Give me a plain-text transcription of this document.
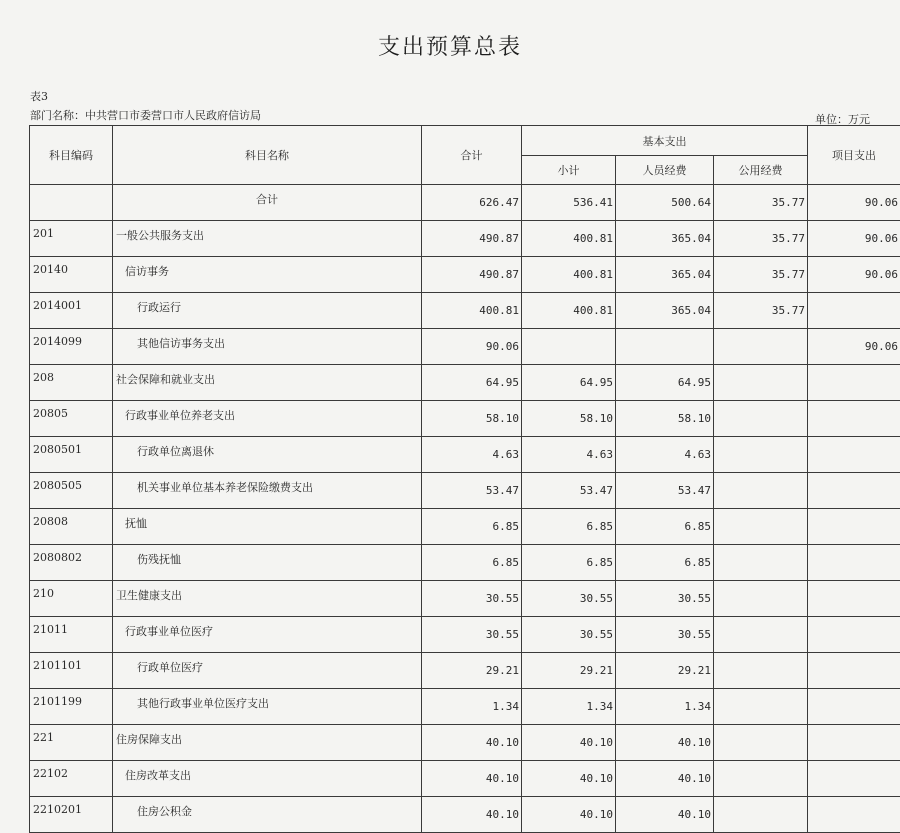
支出预算总表
表3
部门名称：中共营口市委营口市人民政府信访局	单位：万元
科目编码	科目名称	合计	基本支出			项目支出
			小计	人员经费	公用经费	
	合计	626.47	536.41	500.64	35.77	90.06
201	一般公共服务支出	490.87	400.81	365.04	35.77	90.06
20140	信访事务	490.87	400.81	365.04	35.77	90.06
2014001	行政运行	400.81	400.81	365.04	35.77	
2014099	其他信访事务支出	90.06				90.06
208	社会保障和就业支出	64.95	64.95	64.95		
20805	行政事业单位养老支出	58.10	58.10	58.10		
2080501	行政单位离退休	4.63	4.63	4.63		
2080505	机关事业单位基本养老保险缴费支出	53.47	53.47	53.47		
20808	抚恤	6.85	6.85	6.85		
2080802	伤残抚恤	6.85	6.85	6.85		
210	卫生健康支出	30.55	30.55	30.55		
21011	行政事业单位医疗	30.55	30.55	30.55		
2101101	行政单位医疗	29.21	29.21	29.21		
2101199	其他行政事业单位医疗支出	1.34	1.34	1.34		
221	住房保障支出	40.10	40.10	40.10		
22102	住房改革支出	40.10	40.10	40.10		
2210201	住房公积金	40.10	40.10	40.10		
